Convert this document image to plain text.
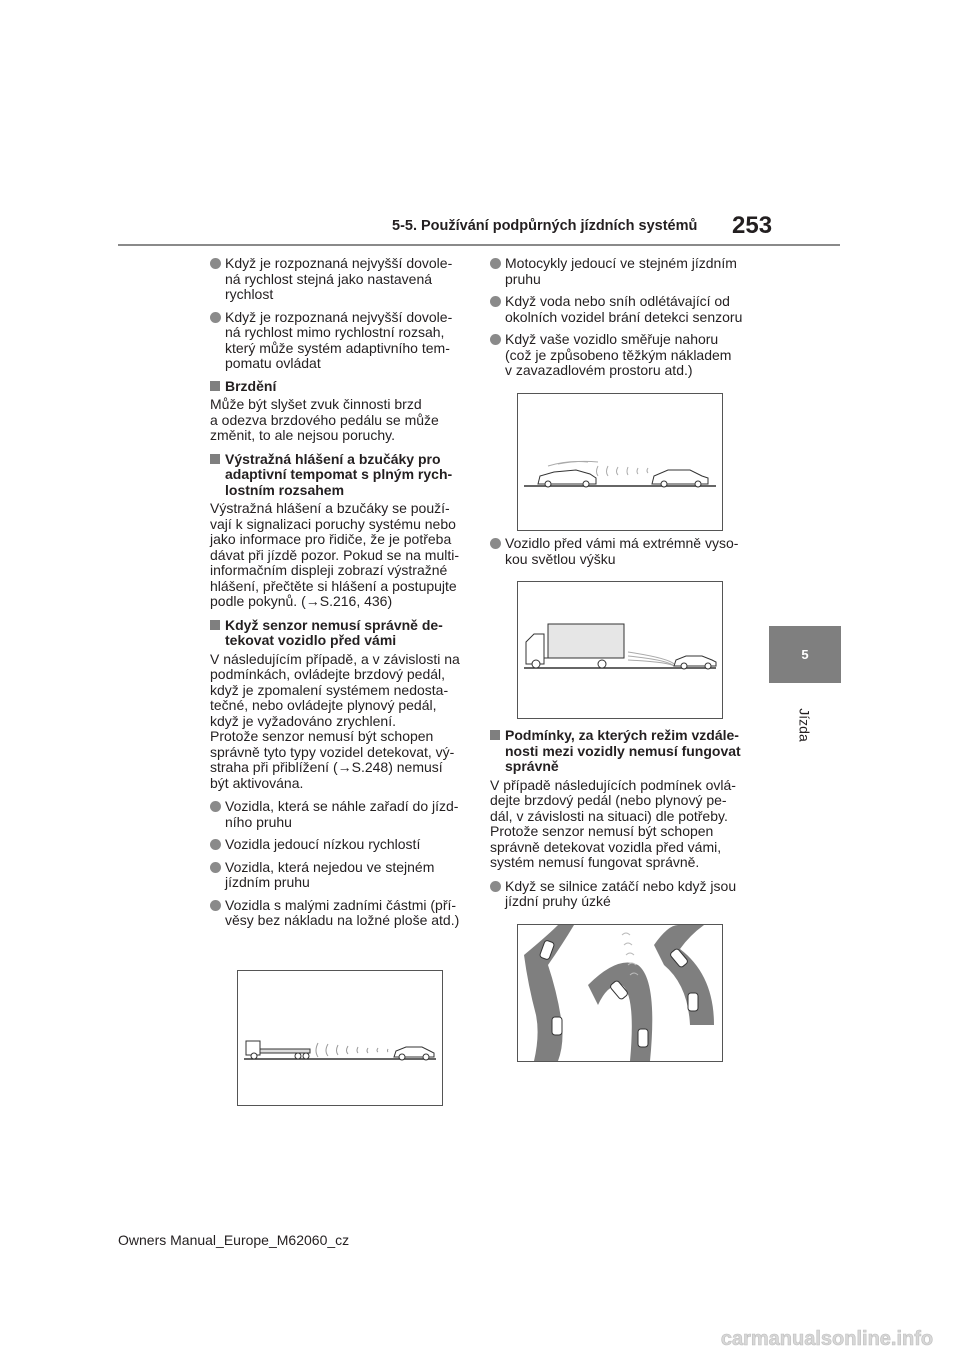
5-5. Používání podpůrných jízdních systémů 253
5
Jízda
Když je rozpoznaná nejvyšší dovole-
ná rychlost stejná jako nastavená
rychlost
Když je rozpoznaná nejvyšší dovole-
ná rychlost mimo rychlostní rozsah,
který může systém adaptivního tem-
pomatu ovládat
Brzdění
Může být slyšet zvuk činnosti brzd
a odezva brzdového pedálu se může
změnit, to ale nejsou poruchy.
Výstražná hlášení a bzučáky pro
adaptivní tempomat s plným rych-
lostním rozsahem
Výstražná hlášení a bzučáky se použí-
vají k signalizaci poruchy systému nebo
jako informace pro řidiče, že je potřeba
dávat při jízdě pozor. Pokud se na multi-
informačním displeji zobrazí výstražné
hlášení, přečtěte si hlášení a postupujte
podle pokynů. (→S.216, 436)
Když senzor nemusí správně de-
tekovat vozidlo před vámi
V následujícím případě, a v závislosti na
podmínkách, ovládejte brzdový pedál,
když je zpomalení systémem nedosta-
tečné, nebo ovládejte plynový pedál,
když je vyžadováno zrychlení.
Protože senzor nemusí být schopen
správně tyto typy vozidel detekovat, vý-
straha při přiblížení (→S.248) nemusí
být aktivována.
Vozidla, která se náhle zařadí do jízd-
ního pruhu
Vozidla jedoucí nízkou rychlostí
Vozidla, která nejedou ve stejném
jízdním pruhu
Vozidla s malými zadními částmi (pří-
věsy bez nákladu na ložné ploše atd.)
Motocykly jedoucí ve stejném jízdním
pruhu
Když voda nebo sníh odlétávající od
okolních vozidel brání detekci senzoru
Když vaše vozidlo směřuje nahoru
(což je způsobeno těžkým nákladem
v zavazadlovém prostoru atd.)
Vozidlo před vámi má extrémně vyso-
kou světlou výšku
Podmínky, za kterých režim vzdále-
nosti mezi vozidly nemusí fungovat
správně
V případě následujících podmínek ovlá-
dejte brzdový pedál (nebo plynový pe-
dál, v závislosti na situaci) dle potřeby.
Protože senzor nemusí být schopen
správně detekovat vozidla před vámi,
systém nemusí fungovat správně.
Když se silnice zatáčí nebo když jsou
jízdní pruhy úzké
Owners Manual_Europe_M62060_cz
carmanualsonline.info
